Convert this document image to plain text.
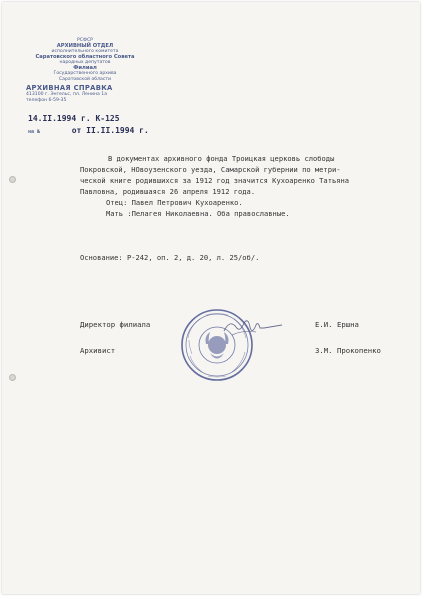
РСФСР
АРХИВНЫЙ ОТДЕЛ
исполнительного комитета
Саратовского областного Совета
народных депутатов
Филиал
Государственного архива
Саратовской области
АРХИВНАЯ СПРАВКА
413100 г. Энгельс, пл. Ленина 1а
телефон 6-59-35
14.II.1994 г. К-125
на №	от II.II.1994 г.
В документах архивного фонда Троицкая церковь слободы
Покровской, НОвоузенского уезда, Самарской губернии по метри-
ческой книге родившихся за 1912 год значится Кухоаренко Татьяна
Павловна, родившаяся 26 апреля 1912 года.
Отец: Павел Петрович Кухоаренко.
Мать :Пелагея Николаевна. Оба православные.
Основание: Р-242, оп. 2, д. 20, л. 25/об/.
Директор филиала	Е.И. Ершна
Архивист	З.М. Прокопенко
